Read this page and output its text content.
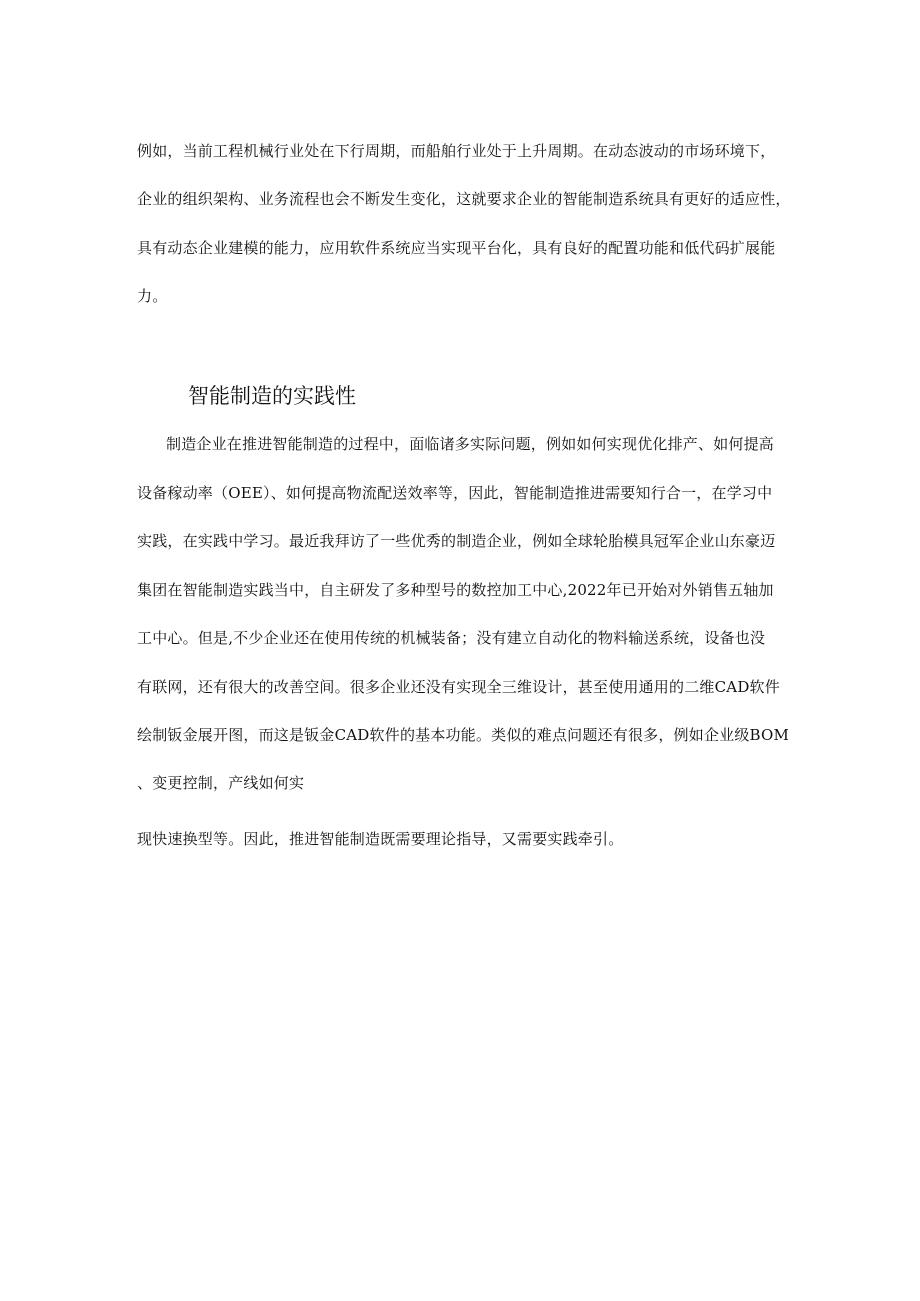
例如，当前工程机械行业处在下行周期，而船舶行业处于上升周期。在动态波动的市场环境下，
企业的组织架构、业务流程也会不断发生变化，这就要求企业的智能制造系统具有更好的适应性，
具有动态企业建模的能力，应用软件系统应当实现平台化，具有良好的配置功能和低代码扩展能
力。
智能制造的实践性
制造企业在推进智能制造的过程中，面临诸多实际问题，例如如何实现优化排产、如何提高
设备稼动率（OEE）、如何提高物流配送效率等，因此，智能制造推进需要知行合一，在学习中
实践，在实践中学习。最近我拜访了一些优秀的制造企业，例如全球轮胎模具冠军企业山东豪迈
集团在智能制造实践当中，自主研发了多种型号的数控加工中心,2022年已开始对外销售五轴加
工中心。但是,不少企业还在使用传统的机械装备；没有建立自动化的物料输送系统，设备也没
有联网，还有很大的改善空间。很多企业还没有实现全三维设计，甚至使用通用的二维CAD软件
绘制钣金展开图，而这是钣金CAD软件的基本功能。类似的难点问题还有很多，例如企业级BOM
、变更控制，产线如何实
现快速换型等。因此，推进智能制造既需要理论指导，又需要实践牵引。
